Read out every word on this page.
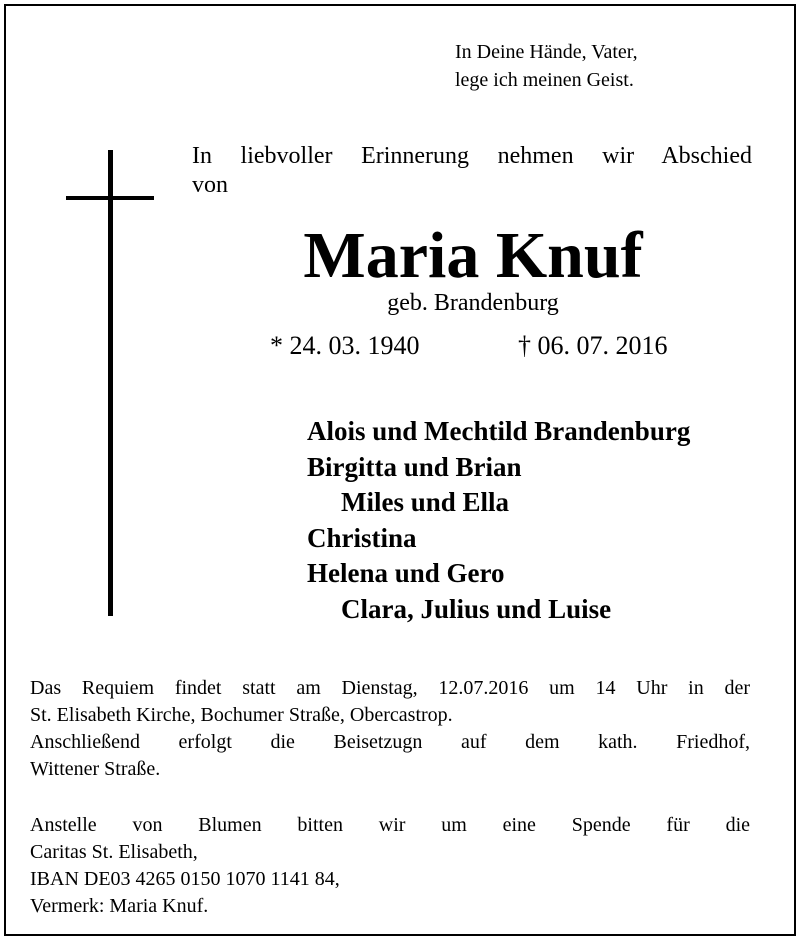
In Deine Hände, Vater,
lege ich meinen Geist.
In liebvoller Erinnerung nehmen wir Abschied
von
Maria Knuf
geb. Brandenburg
* 24. 03. 1940	† 06. 07. 2016
Alois und Mechtild Brandenburg
Birgitta und Brian
Miles und Ella
Christina
Helena und Gero
Clara, Julius und Luise
Das Requiem findet statt am Dienstag, 12.07.2016 um 14 Uhr in der
St. Elisabeth Kirche, Bochumer Straße, Obercastrop.
Anschließend erfolgt die Beisetzugn auf dem kath. Friedhof,
Wittener Straße.
Anstelle von Blumen bitten wir um eine Spende für die
Caritas St. Elisabeth,
IBAN DE03 4265 0150 1070 1141 84,
Vermerk: Maria Knuf.
